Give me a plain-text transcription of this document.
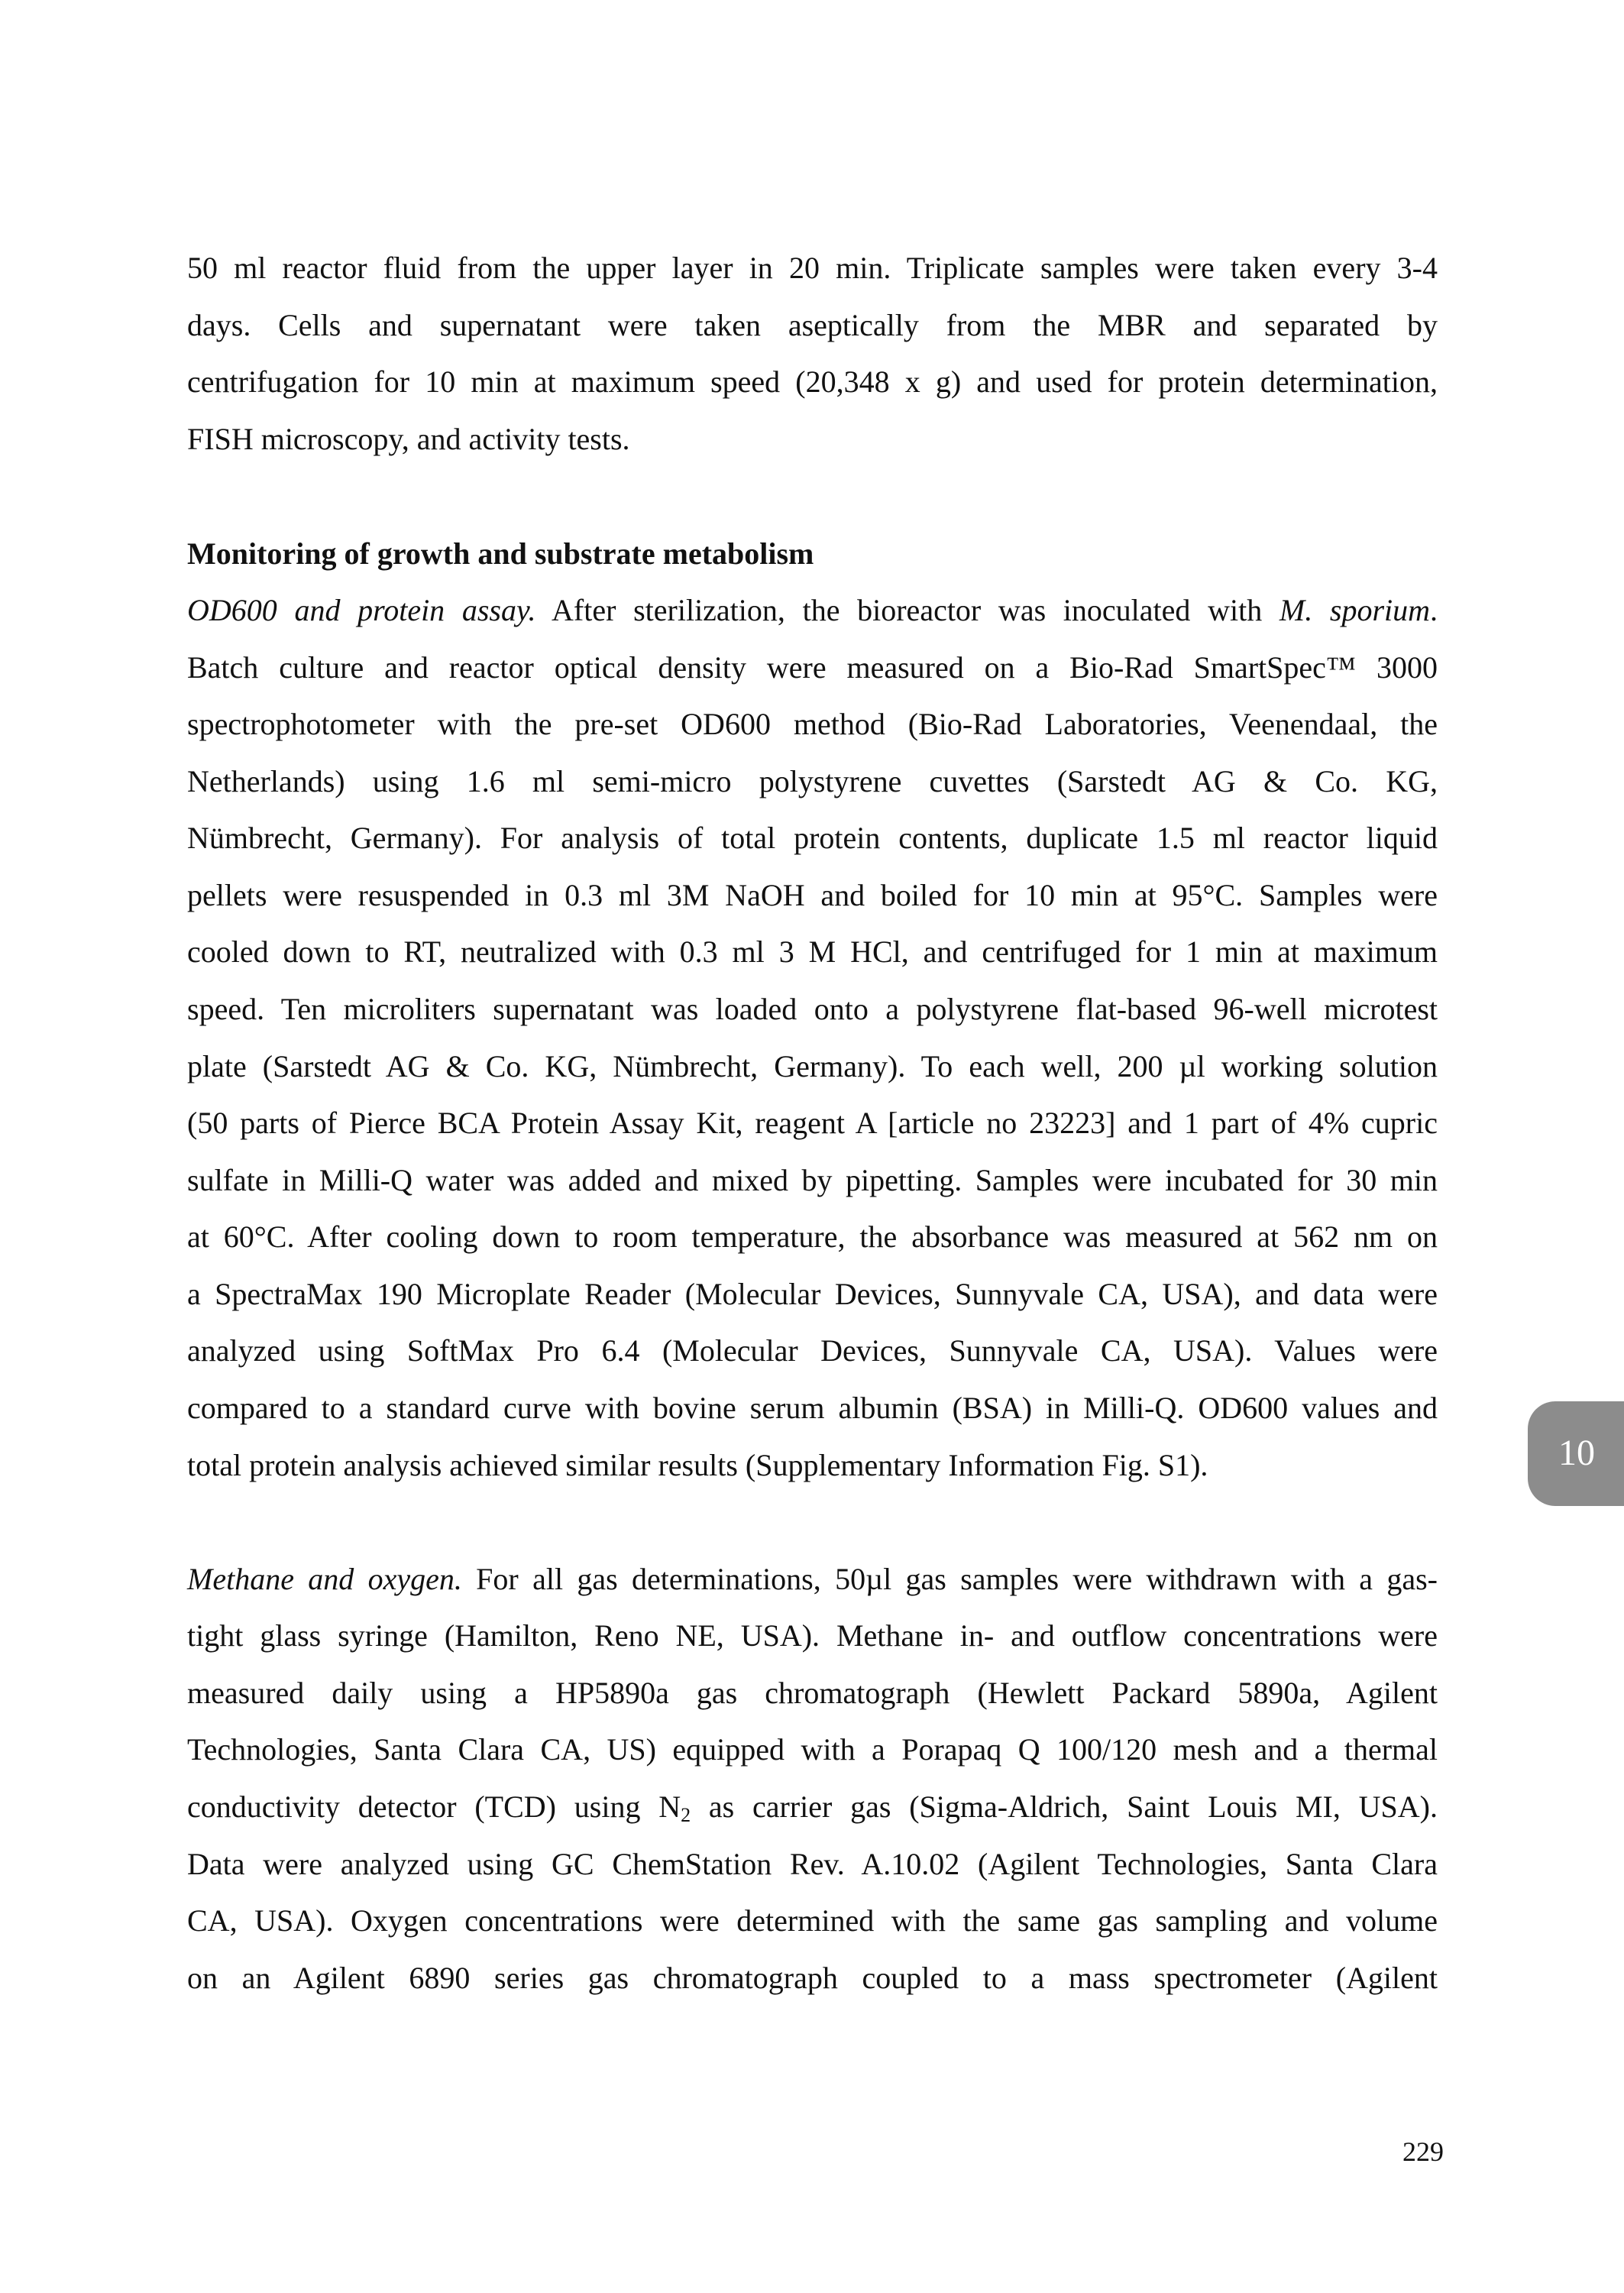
50 ml reactor fluid from the upper layer in 20 min. Triplicate samples were taken every 3-4
days. Cells and supernatant were taken aseptically from the MBR and separated by
centrifugation for 10 min at maximum speed (20,348 x g) and used for protein determination,
FISH microscopy, and activity tests.
Monitoring of growth and substrate metabolism
OD600 and protein assay. After sterilization, the bioreactor was inoculated with M. sporium.
Batch culture and reactor optical density were measured on a Bio-Rad SmartSpec™ 3000
spectrophotometer with the pre-set OD600 method (Bio-Rad Laboratories, Veenendaal, the
Netherlands) using 1.6 ml semi-micro polystyrene cuvettes (Sarstedt AG & Co. KG,
Nümbrecht, Germany). For analysis of total protein contents, duplicate 1.5 ml reactor liquid
pellets were resuspended in 0.3 ml 3M NaOH and boiled for 10 min at 95°C. Samples were
cooled down to RT, neutralized with 0.3 ml 3 M HCl, and centrifuged for 1 min at maximum
speed. Ten microliters supernatant was loaded onto a polystyrene flat-based 96-well microtest
plate (Sarstedt AG & Co. KG, Nümbrecht, Germany). To each well, 200 µl working solution
(50 parts of Pierce BCA Protein Assay Kit, reagent A [article no 23223] and 1 part of 4% cupric
sulfate in Milli-Q water was added and mixed by pipetting. Samples were incubated for 30 min
at 60°C. After cooling down to room temperature, the absorbance was measured at 562 nm on
a SpectraMax 190 Microplate Reader (Molecular Devices, Sunnyvale CA, USA), and data were
analyzed using SoftMax Pro 6.4 (Molecular Devices, Sunnyvale CA, USA). Values were
compared to a standard curve with bovine serum albumin (BSA) in Milli-Q. OD600 values and
total protein analysis achieved similar results (Supplementary Information Fig. S1).
Methane and oxygen. For all gas determinations, 50µl gas samples were withdrawn with a gas-
tight glass syringe (Hamilton, Reno NE, USA). Methane in- and outflow concentrations were
measured daily using a HP5890a gas chromatograph (Hewlett Packard 5890a, Agilent
Technologies, Santa Clara CA, US) equipped with a Porapaq Q 100/120 mesh and a thermal
conductivity detector (TCD) using $N_2$ as carrier gas (Sigma-Aldrich, Saint Louis MI, USA).
Data were analyzed using GC ChemStation Rev. A.10.02 (Agilent Technologies, Santa Clara
CA, USA). Oxygen concentrations were determined with the same gas sampling and volume
on an Agilent 6890 series gas chromatograph coupled to a mass spectrometer (Agilent
10
229
